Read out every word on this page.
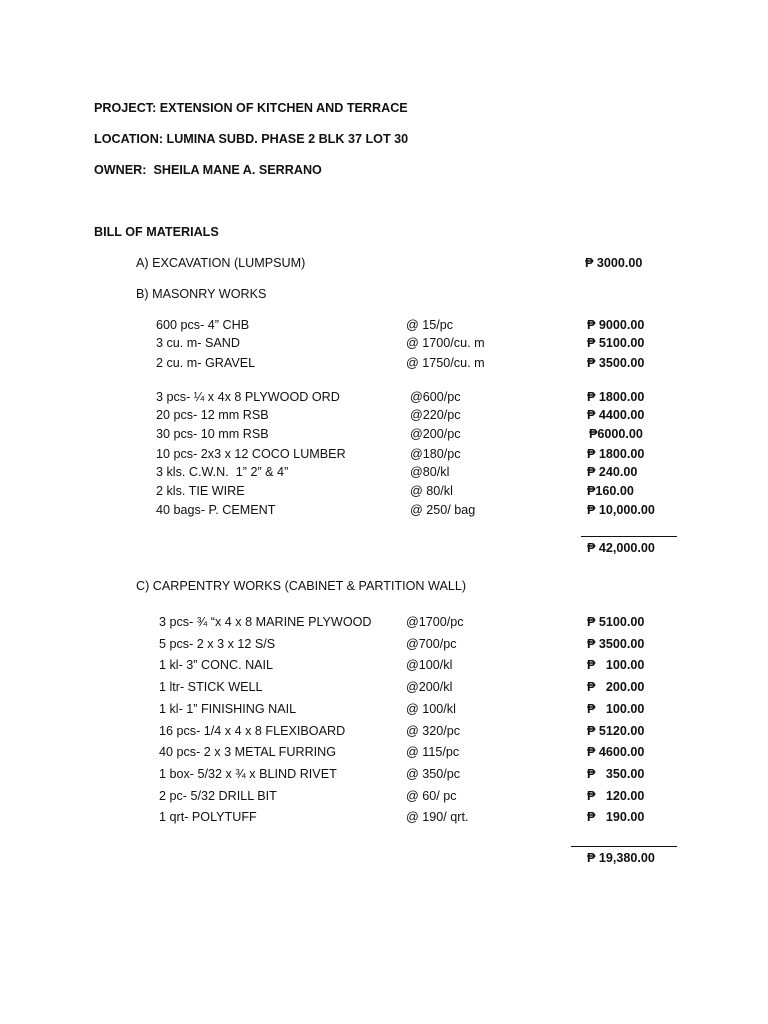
PROJECT: EXTENSION OF KITCHEN AND TERRACE
LOCATION: LUMINA SUBD. PHASE 2 BLK 37 LOT 30
OWNER:  SHEILA MANE A. SERRANO
BILL OF MATERIALS
A) EXCAVATION (LUMPSUM)	₱ 3000.00
B) MASONRY WORKS
600 pcs- 4” CHB	@ 15/pc	₱ 9000.00
3 cu. m- SAND	@ 1700/cu. m	₱ 5100.00
2 cu. m- GRAVEL	@ 1750/cu. m	₱ 3500.00
3 pcs- ¼ x 4x 8 PLYWOOD ORD	@600/pc	₱ 1800.00
20 pcs- 12 mm RSB	@220/pc	₱ 4400.00
30 pcs- 10 mm RSB	@200/pc	₱6000.00
10 pcs- 2x3 x 12 COCO LUMBER	@180/pc	₱ 1800.00
3 kls. C.W.N.  1” 2” & 4”	@80/kl	₱ 240.00
2 kls. TIE WIRE	@ 80/kl	₱160.00
40 bags- P. CEMENT	@ 250/ bag	₱ 10,000.00
₱ 42,000.00
C) CARPENTRY WORKS (CABINET & PARTITION WALL)
3 pcs- ¾ “x 4 x 8 MARINE PLYWOOD	@1700/pc	₱ 5100.00
5 pcs- 2 x 3 x 12 S/S	@700/pc	₱ 3500.00
1 kl- 3” CONC. NAIL	@100/kl	₱   100.00
1 ltr- STICK WELL	@200/kl	₱   200.00
1 kl- 1” FINISHING NAIL	@ 100/kl	₱   100.00
16 pcs- 1/4 x 4 x 8 FLEXIBOARD	@ 320/pc	₱ 5120.00
40 pcs- 2 x 3 METAL FURRING	@ 115/pc	₱ 4600.00
1 box- 5/32 x ¾ x BLIND RIVET	@ 350/pc	₱   350.00
2 pc- 5/32 DRILL BIT	@ 60/ pc	₱   120.00
1 qrt- POLYTUFF	@ 190/ qrt.	₱   190.00
₱ 19,380.00
